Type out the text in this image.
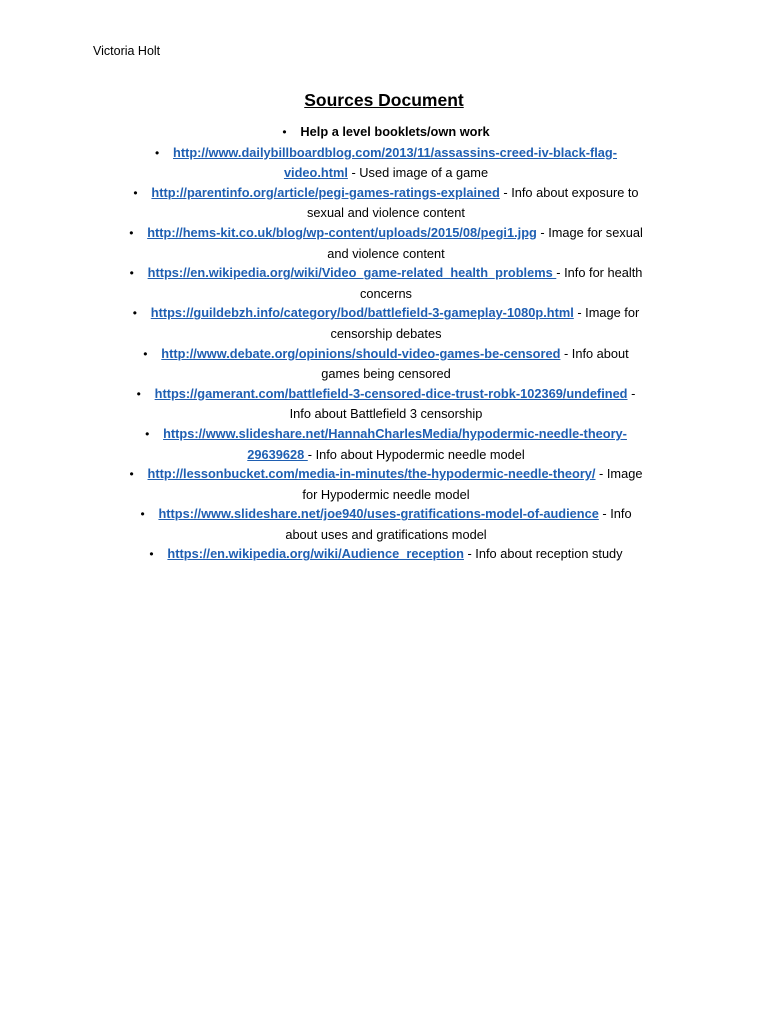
Victoria Holt
Sources Document
• Help a level booklets/own work
• http://www.dailybillboardblog.com/2013/11/assassins-creed-iv-black-flag-video.html - Used image of a game
• http://parentinfo.org/article/pegi-games-ratings-explained - Info about exposure to sexual and violence content
• http://hems-kit.co.uk/blog/wp-content/uploads/2015/08/pegi1.jpg - Image for sexual and violence content
• https://en.wikipedia.org/wiki/Video_game-related_health_problems - Info for health concerns
• https://guildebzh.info/category/bod/battlefield-3-gameplay-1080p.html - Image for censorship debates
• http://www.debate.org/opinions/should-video-games-be-censored - Info about games being censored
• https://gamerant.com/battlefield-3-censored-dice-trust-robk-102369/undefined - Info about Battlefield 3 censorship
• https://www.slideshare.net/HannahCharlesMedia/hypodermic-needle-theory-29639628 - Info about Hypodermic needle model
• http://lessonbucket.com/media-in-minutes/the-hypodermic-needle-theory/ - Image for Hypodermic needle model
• https://www.slideshare.net/joe940/uses-gratifications-model-of-audience - Info about uses and gratifications model
• https://en.wikipedia.org/wiki/Audience_reception - Info about reception study
